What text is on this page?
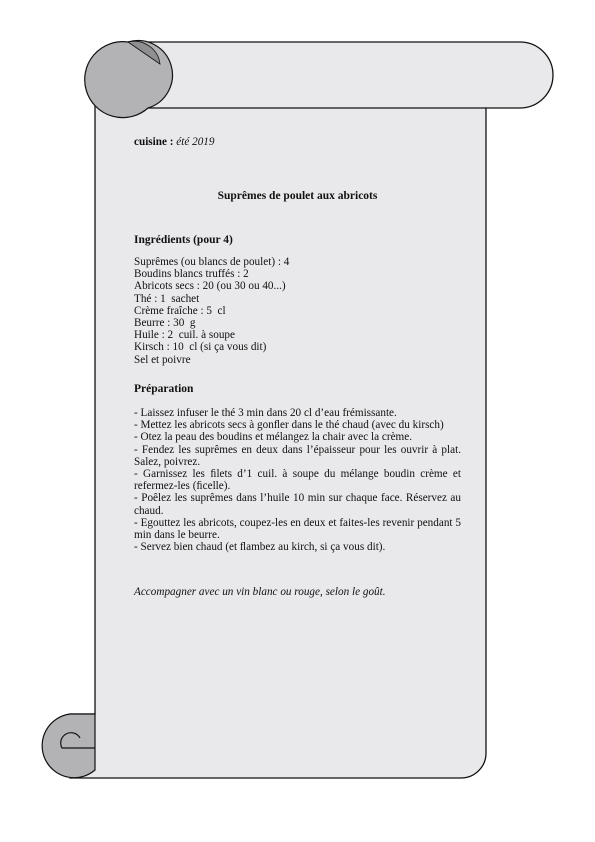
cuisine : été 2019
Suprêmes de poulet aux abricots
Ingrédients (pour 4)
Suprêmes (ou blancs de poulet) : 4
Boudins blancs truffés : 2
Abricots secs : 20 (ou 30 ou 40...)
Thé : 1  sachet
Crème fraîche : 5  cl
Beurre : 30  g
Huile : 2  cuil. à soupe
Kirsch : 10  cl (si ça vous dit)
Sel et poivre
Préparation
- Laissez infuser le thé 3 min dans 20 cl d’eau frémissante.
- Mettez les abricots secs à gonﬂer dans le thé chaud (avec du kirsch)
- Otez la peau des boudins et mélangez la chair avec la crème.
- Fendez les suprêmes en deux dans l’épaisseur pour les ouvrir à plat. Salez, poivrez.
- Garnissez les ﬁlets d’1 cuil. à soupe du mélange boudin crème et refermez-les (ﬁcelle).
- Poêlez les suprêmes dans l’huile 10 min sur chaque face. Réservez au chaud.
- Egouttez les abricots, coupez-les en deux et faites-les revenir pendant 5 min dans le beurre.
- Servez bien chaud (et ﬂambez au kirch, si ça vous dit).
Accompagner avec un vin blanc ou rouge, selon le goût.
